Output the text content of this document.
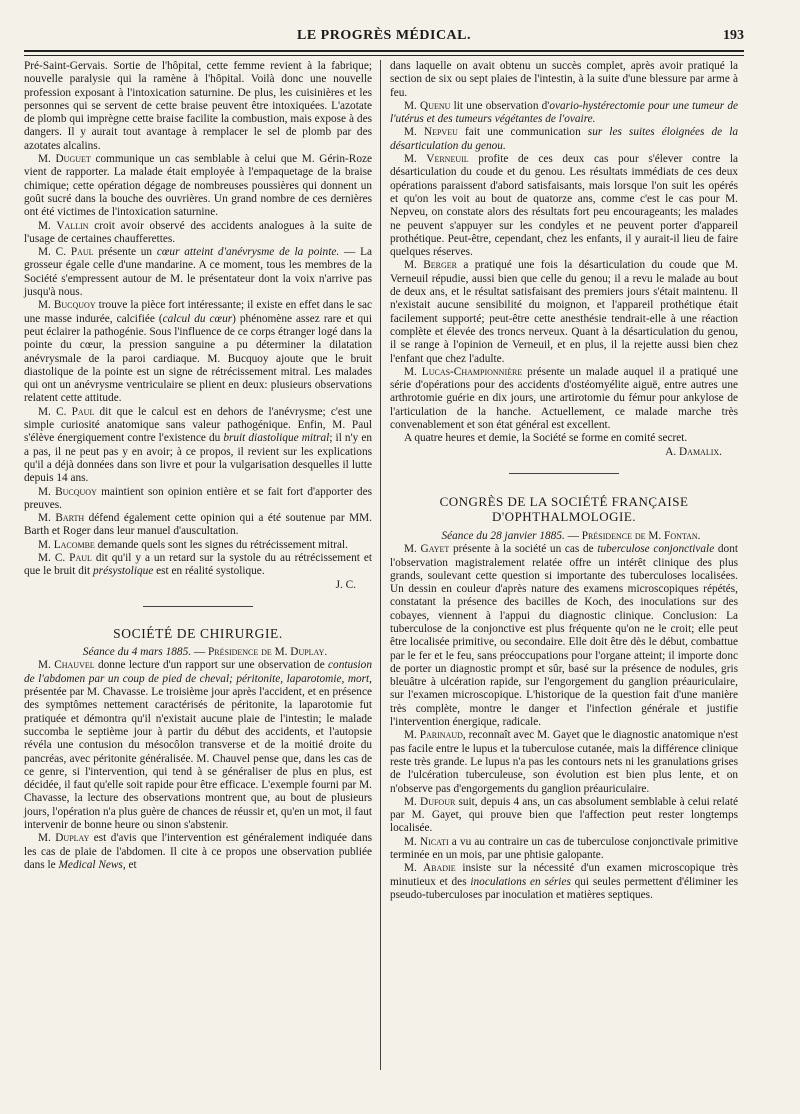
LE PROGRÈS MÉDICAL.	193

Pré-Saint-Gervais. Sortie de l'hôpital, cette femme revient à la fabrique; nouvelle paralysie qui la ramène à l'hôpital. Voilà donc une nouvelle profession exposant à l'intoxication saturnine. De plus, les cuisinières et les personnes qui se servent de cette braise peuvent être intoxiquées. L'azotate de plomb qui imprègne cette braise facilite la combustion, mais expose à des dangers. Il y aurait tout avantage à remplacer le sel de plomb par des azotates alcalins.

M. Duguet communique un cas semblable à celui que M. Gérin-Roze vient de rapporter. La malade était employée à l'empaquetage de la braise chimique; cette opération dégage de nombreuses poussières qui donnent un goût sucré dans la bouche des ouvrières. Un grand nombre de ces dernières ont été victimes de l'intoxication saturnine.

M. Vallin croit avoir observé des accidents analogues à la suite de l'usage de certaines chaufferettes.

M. C. Paul présente un cœur atteint d'anévrysme de la pointe. — La grosseur égale celle d'une mandarine. A ce moment, tous les membres de la Société s'empressent autour de M. le présentateur dont la voix n'arrive pas jusqu'à nous.

M. Bucquoy trouve la pièce fort intéressante; il existe en effet dans le sac une masse indurée, calcifiée (calcul du cœur) phénomène assez rare et qui peut éclairer la pathogénie. Sous l'influence de ce corps étranger logé dans la pointe du cœur, la pression sanguine a pu déterminer la dilatation anévrysmale de la paroi cardiaque. M. Bucquoy ajoute que le bruit diastolique de la pointe est un signe de rétrécissement mitral. Les malades qui ont un anévrysme ventriculaire se plient en deux: plusieurs observations relatent cette attitude.

M. C. Paul dit que le calcul est en dehors de l'anévrysme; c'est une simple curiosité anatomique sans valeur pathogénique. Enfin, M. Paul s'élève énergiquement contre l'existence du bruit diastolique mitral; il n'y en a pas, il ne peut pas y en avoir; à ce propos, il revient sur les explications qu'il a déjà données dans son livre et pour la vulgarisation desquelles il lutte depuis 14 ans.

M. Bucquoy maintient son opinion entière et se fait fort d'apporter des preuves.

M. Barth défend également cette opinion qui a été soutenue par MM. Barth et Roger dans leur manuel d'auscultation.

M. Lacombe demande quels sont les signes du rétrécissement mitral.

M. C. Paul dit qu'il y a un retard sur la systole du au rétrécissement et que le bruit dit présystolique est en réalité systolique.

J. C.

SOCIÉTÉ DE CHIRURGIE.

Séance du 4 mars 1885. — Présidence de M. Duplay.

M. Chauvel donne lecture d'un rapport sur une observation de contusion de l'abdomen par un coup de pied de cheval; péritonite, laparotomie, mort, présentée par M. Chavasse. Le troisième jour après l'accident, et en présence des symptômes nettement caractérisés de péritonite, la laparotomie fut pratiquée et démontra qu'il n'existait aucune plaie de l'intestin; le malade succomba le septième jour à partir du début des accidents, et l'autopsie révéla une contusion du mésocôlon transverse et de la moitié droite du pancréas, avec péritonite généralisée. M. Chauvel pense que, dans les cas de ce genre, si l'intervention, qui tend à se généraliser de plus en plus, est décidée, il faut qu'elle soit rapide pour être efficace. L'exemple fourni par M. Chavasse, la lecture des observations montrent que, au bout de plusieurs jours, l'opération n'a plus guère de chances de réussir et, qu'en un mot, il faut intervenir de bonne heure ou sinon s'abstenir.

M. Duplay est d'avis que l'intervention est généralement indiquée dans les cas de plaie de l'abdomen. Il cite à ce propos une observation publiée dans le Medical News, et

dans laquelle on avait obtenu un succès complet, après avoir pratiqué la section de six ou sept plaies de l'intestin, à la suite d'une blessure par arme à feu.

M. Quenu lit une observation d'ovario-hystérectomie pour une tumeur de l'utérus et des tumeurs végétantes de l'ovaire.

M. Nepveu fait une communication sur les suites éloignées de la désarticulation du genou.

M. Verneuil profite de ces deux cas pour s'élever contre la désarticulation du coude et du genou. Les résultats immédiats de ces deux opérations paraissent d'abord satisfaisants, mais lorsque l'on suit les opérés et qu'on les voit au bout de quatorze ans, comme c'est le cas pour M. Nepveu, on constate alors des résultats fort peu encourageants; les malades ne peuvent s'appuyer sur les condyles et ne peuvent porter d'appareil prothétique. Peut-être, cependant, chez les enfants, il y aurait-il lieu de faire quelques réserves.

M. Berger a pratiqué une fois la désarticulation du coude que M. Verneuil répudie, aussi bien que celle du genou; il a revu le malade au bout de deux ans, et le résultat satisfaisant des premiers jours s'était maintenu. Il n'existait aucune sensibilité du moignon, et l'appareil prothétique était facilement supporté; peut-être cette anesthésie tendrait-elle à une réaction complète et élevée des troncs nerveux. Quant à la désarticulation du genou, il se range à l'opinion de Verneuil, et en plus, il la rejette aussi bien chez l'enfant que chez l'adulte.

M. Lucas-Championnière présente un malade auquel il a pratiqué une série d'opérations pour des accidents d'ostéomyélite aiguë, entre autres une arthrotomie guérie en dix jours, une artirotomie du fémur pour ankylose de l'articulation de la hanche. Actuellement, ce malade marche très convenablement et son état général est excellent.

A quatre heures et demie, la Société se forme en comité secret.

A. Damalix.

CONGRÈS DE LA SOCIÉTÉ FRANÇAISE
D'OPHTHALMOLOGIE.

Séance du 28 janvier 1885. — Présidence de M. Fontan.

M. Gayet présente à la société un cas de tuberculose conjonctivale dont l'observation magistralement relatée offre un intérêt clinique des plus grands, soulevant cette question si importante des tuberculoses localisées. Un dessin en couleur d'après nature des examens microscopiques répétés, constatant la présence des bacilles de Koch, des inoculations sur des cobayes, viennent à l'appui du diagnostic clinique. Conclusion: La tuberculose de la conjonctive est plus fréquente qu'on ne le croit; elle peut être localisée primitive, ou secondaire. Elle doit être dès le début, combattue par le fer et le feu, sans préoccupations pour l'organe atteint; il importe donc de porter un diagnostic prompt et sûr, basé sur la présence de nodules, gris bleuâtre à ulcération rapide, sur l'engorgement du ganglion préauriculaire, sur l'examen microscopique. L'historique de la question fait d'une manière très complète, montre le danger et l'infection générale et justifie l'intervention énergique, radicale.

M. Parinaud, reconnaît avec M. Gayet que le diagnostic anatomique n'est pas facile entre le lupus et la tuberculose cutanée, mais la différence clinique reste très grande. Le lupus n'a pas les contours nets ni les granulations grises de l'ulcération tuberculeuse, son évolution est bien plus lente, et on n'observe pas d'engorgements du ganglion préauriculaire.

M. Dufour suit, depuis 4 ans, un cas absolument semblable à celui relaté par M. Gayet, qui prouve bien que l'affection peut rester longtemps localisée.

M. Nicati a vu au contraire un cas de tuberculose conjonctivale primitive terminée en un mois, par une phtisie galopante.

M. Abadie insiste sur la nécessité d'un examen microscopique très minutieux et des inoculations en séries qui seules permettent d'éliminer les pseudo-tuberculoses par inoculation et matières septiques.
